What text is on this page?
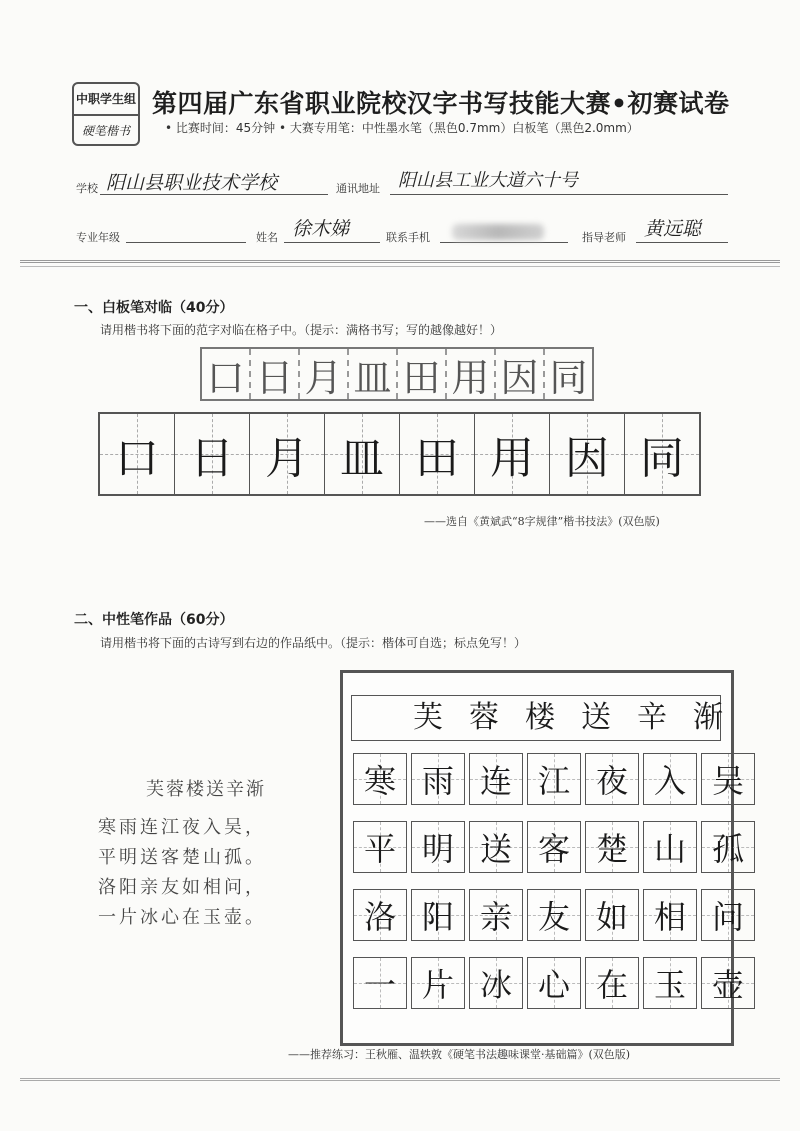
中职学生组
硬笔楷书
第四届广东省职业院校汉字书写技能大赛•初赛试卷
• 比赛时间：45分钟 • 大赛专用笔：中性墨水笔（黑色0.7mm）白板笔（黑色2.0mm）
学校 阳山县职业技术学校	通讯地址 阳山县工业大道六十号
专业年级	姓名 徐木娣	联系手机	指导老师 黄远聪
一、白板笔对临（40分）
请用楷书将下面的范字对临在格子中。（提示：满格书写；写的越像越好！）
口 日 月 皿 田 用 因 同
口 日 月 皿 田 用 因 同
——选自《黄斌武“8字规律”楷书技法》(双色版)
二、中性笔作品（60分）
请用楷书将下面的古诗写到右边的作品纸中。（提示：楷体可自选；标点免写！）
芙蓉楼送辛渐
寒雨连江夜入吴，
平明送客楚山孤。
洛阳亲友如相问，
一片冰心在玉壶。
芙 蓉 楼 送 辛 渐
寒 雨 连 江 夜 入 吴
平 明 送 客 楚 山 孤
洛 阳 亲 友 如 相 问
一 片 冰 心 在 玉 壶
——推荐练习：王秋雁、温轶敦《硬笔书法趣味课堂·基础篇》(双色版)
